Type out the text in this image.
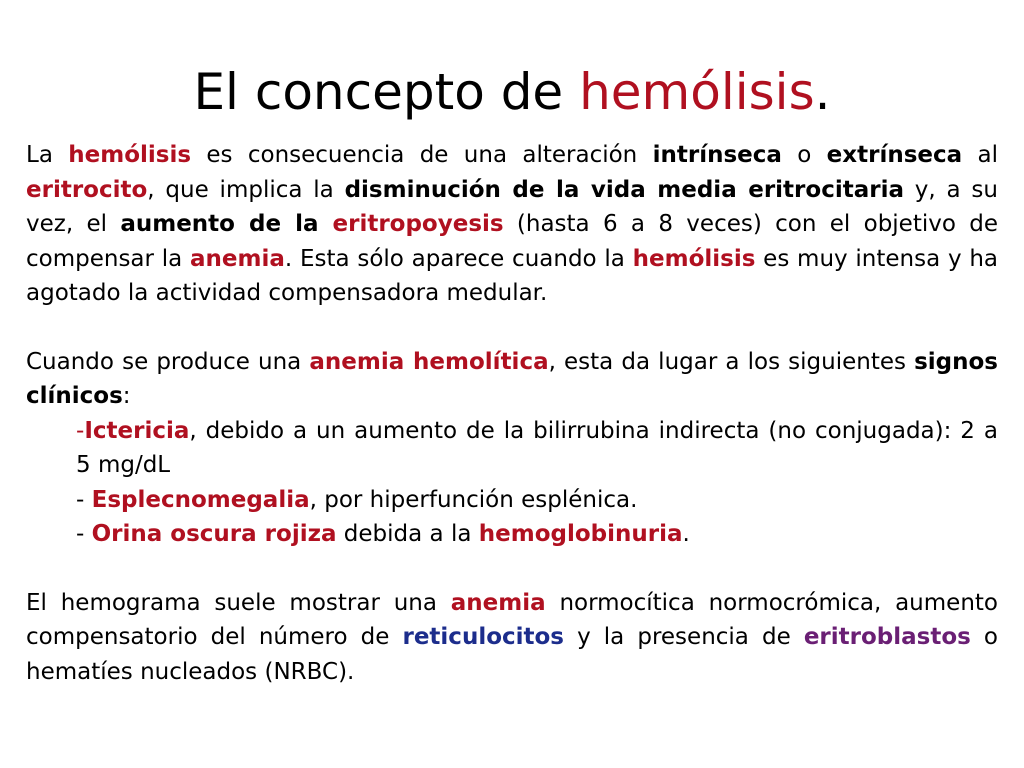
El concepto de hemólisis.

La hemólisis es consecuencia de una alteración intrínseca o extrínseca al eritrocito, que implica la disminución de la vida media eritrocitaria y, a su vez, el aumento de la eritropoyesis (hasta 6 a 8 veces) con el objetivo de compensar la anemia. Esta sólo aparece cuando la hemólisis es muy intensa y ha agotado la actividad compensadora medular.

Cuando se produce una anemia hemolítica, esta da lugar a los siguientes signos clínicos:

-Ictericia, debido a un aumento de la bilirrubina indirecta (no conjugada): 2 a 5 mg/dL

- Esplecnomegalia, por hiperfunción esplénica.

- Orina oscura rojiza debida a la hemoglobinuria.

El hemograma suele mostrar una anemia normocítica normocrómica, aumento compensatorio del número de reticulocitos y la presencia de eritroblastos o hematíes nucleados (NRBC).
